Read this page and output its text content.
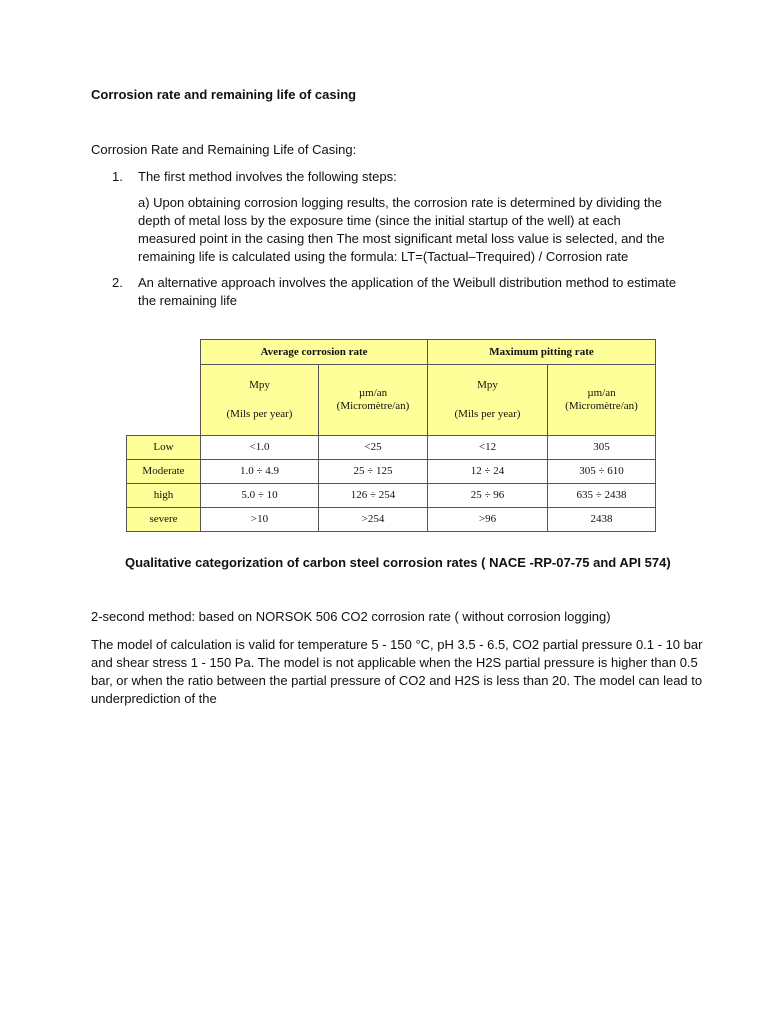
Corrosion rate and remaining life of casing
Corrosion Rate and Remaining Life of Casing:
1. The first method involves the following steps:

a) Upon obtaining corrosion logging results, the corrosion rate is determined by dividing the depth of metal loss by the exposure time (since the initial startup of the well) at each measured point in the casing then The most significant metal loss value is selected, and the remaining life is calculated using the formula: LT=(Tactual–Trequired) / Corrosion rate

2. An alternative approach involves the application of the Weibull distribution method to estimate the remaining life

	Average corrosion rate		Maximum pitting rate	

	Mpy
(Mils per year)	µm/an
(Micromètre/an)	Mpy
(Mils per year)	µm/an
(Micromètre/an)
Low	<1.0	<25	<12	305
Moderate	1.0 ÷ 4.9	25 ÷ 125	12 ÷ 24	305 ÷ 610
high	5.0 ÷ 10	126 ÷ 254	25 ÷ 96	635 ÷ 2438
severe	>10	>254	>96	2438
Qualitative categorization of carbon steel corrosion rates ( NACE -RP-07-75 and API 574)
2-second method: based on NORSOK 506 CO2 corrosion rate ( without corrosion logging)

The model of calculation is valid for temperature 5 - 150 °C, pH 3.5 - 6.5, CO2 partial pressure 0.1 - 10 bar and shear stress 1 - 150 Pa. The model is not applicable when the H2S partial pressure is higher than 0.5 bar, or when the ratio between the partial pressure of CO2 and H2S is less than 20. The model can lead to underprediction of the
